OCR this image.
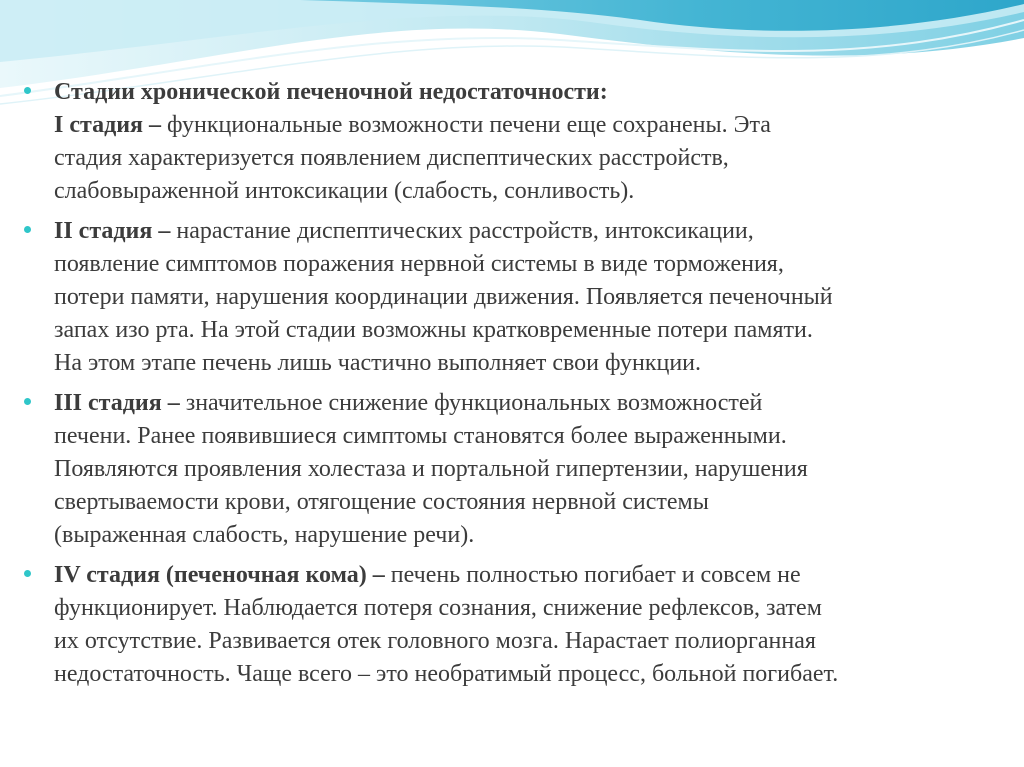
Стадии хронической печеночной недостаточности:
I стадия – функциональные возможности печени еще сохранены. Эта
стадия характеризуется появлением диспептических расстройств,
слабовыраженной интоксикации (слабость, сонливость).
II стадия – нарастание диспептических расстройств, интоксикации,
появление симптомов поражения нервной системы в виде торможения,
потери памяти, нарушения координации движения. Появляется печеночный
запах изо рта. На этой стадии возможны кратковременные потери памяти.
На этом этапе печень лишь частично выполняет свои функции.
III стадия – значительное снижение функциональных возможностей
печени. Ранее появившиеся симптомы становятся более выраженными.
Появляются проявления холестаза и портальной гипертензии, нарушения
свертываемости крови, отягощение состояния нервной системы
(выраженная слабость, нарушение речи).
IV стадия (печеночная кома) – печень полностью погибает и совсем не
функционирует. Наблюдается потеря сознания, снижение рефлексов, затем
их отсутствие. Развивается отек головного мозга. Нарастает полиорганная
недостаточность. Чаще всего – это необратимый процесс, больной погибает.
